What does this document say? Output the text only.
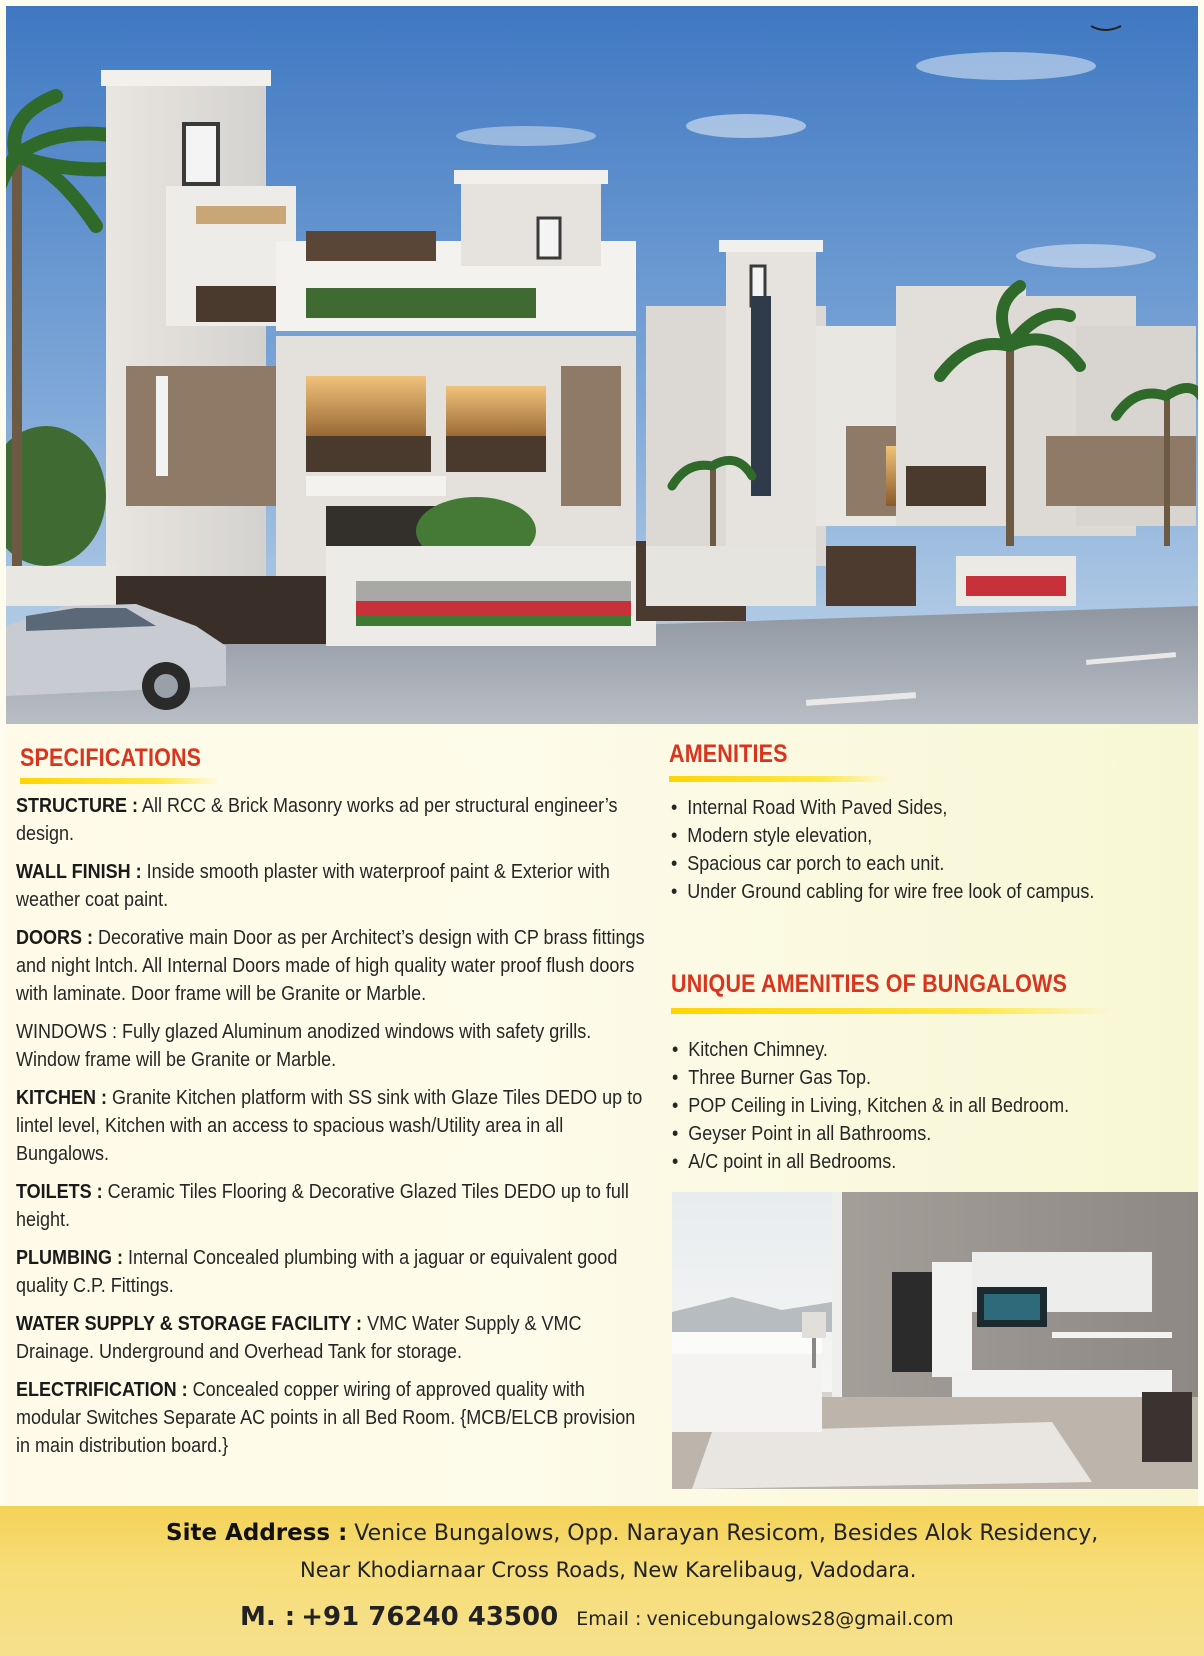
SPECIFICATIONS
STRUCTURE : All RCC & Brick Masonry works ad per structural engineer’s design.
WALL FINISH : Inside smooth plaster with waterproof paint & Exterior with weather coat paint.
DOORS : Decorative main Door as per Architect’s design with CP brass fittings and night lntch. All Internal Doors made of high quality water proof flush doors with laminate. Door frame will be Granite or Marble.
WINDOWS : Fully glazed Aluminum anodized windows with safety grills. Window frame will be Granite or Marble.
KITCHEN : Granite Kitchen platform with SS sink with Glaze Tiles DEDO up to lintel level, Kitchen with an access to spacious wash/Utility area in all Bungalows.
TOILETS : Ceramic Tiles Flooring & Decorative Glazed Tiles DEDO up to full height.
PLUMBING : Internal Concealed plumbing with a jaguar or equivalent good quality C.P. Fittings.
WATER SUPPLY & STORAGE FACILITY : VMC Water Supply & VMC Drainage. Underground and Overhead Tank for storage.
ELECTRIFICATION : Concealed copper wiring of approved quality with modular Switches Separate AC points in all Bed Room. {MCB/ELCB provision in main distribution board.}
AMENITIES
• Internal Road With Paved Sides,
• Modern style elevation,
• Spacious car porch to each unit.
• Under Ground cabling for wire free look of campus.
UNIQUE AMENITIES OF BUNGALOWS
• Kitchen Chimney.
• Three Burner Gas Top.
• POP Ceiling in Living, Kitchen & in all Bedroom.
• Geyser Point in all Bathrooms.
• A/C point in all Bedrooms.
Site Address : Venice Bungalows, Opp. Narayan Resicom, Besides Alok Residency,
Near Khodiarnaar Cross Roads, New Karelibaug, Vadodara.
M. : +91 76240 43500 Email : venicebungalows28@gmail.com
